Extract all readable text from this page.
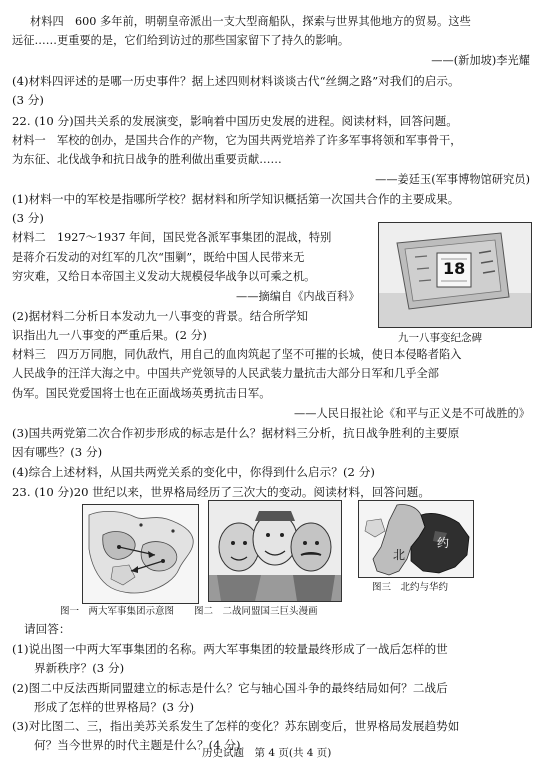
材料四　600 多年前，明朝皇帝派出一支大型商船队，探索与世界其他地方的贸易。这些
远征……更重要的是，它们给到访过的那些国家留下了持久的影响。
——(新加坡)李光耀
(4)材料四评述的是哪一历史事件？据上述四则材料谈谈古代“丝绸之路”对我们的启示。
(3 分)
22. (10 分)国共关系的发展演变，影响着中国历史发展的进程。阅读材料，回答问题。
材料一　军校的创办，是国共合作的产物，它为国共两党培养了许多军事将领和军事骨干，
为东征、北伐战争和抗日战争的胜利做出重要贡献……
——姜廷玉(军事博物馆研究员)
(1)材料一中的军校是指哪所学校？据材料和所学知识概括第一次国共合作的主要成果。
(3 分)
材料二　1927～1937 年间，国民党各派军事集团的混战，特别
是蒋介石发动的对红军的几次“围剿”，既给中国人民带来无
穷灾难，又给日本帝国主义发动大规模侵华战争以可乘之机。
——摘编自《内战百科》
(2)据材料二分析日本发动九一八事变的背景。结合所学知
识指出九一八事变的严重后果。(2 分)
18
九一八事变纪念碑
材料三　四万万同胞，同仇敌忾，用自己的血肉筑起了坚不可摧的长城，使日本侵略者陷入
人民战争的汪洋大海之中。中国共产党领导的人民武装力量抗击大部分日军和几乎全部
伪军。国民党爱国将士也在正面战场英勇抗击日军。
——人民日报社论《和平与正义是不可战胜的》
(3)国共两党第二次合作初步形成的标志是什么？据材料三分析，抗日战争胜利的主要原
因有哪些？(3 分)
(4)综合上述材料，从国共两党关系的变化中，你得到什么启示？(2 分)
23. (10 分)20 世纪以来，世界格局经历了三次大的变动。阅读材料，回答问题。
北
约
图一　两大军事集团示意图 图二　二战同盟国三巨头漫画
图三　北约与华约
请回答：
(1)说出图一中两大军事集团的名称。两大军事集团的较量最终形成了一战后怎样的世
界新秩序？(3 分)
(2)图二中反法西斯同盟建立的标志是什么？它与轴心国斗争的最终结局如何？二战后
形成了怎样的世界格局？(3 分)
(3)对比图二、三，指出美苏关系发生了怎样的变化？苏东剧变后，世界格局发展趋势如
何？当今世界的时代主题是什么？(4 分)
历史试题　第 4 页(共 4 页)
